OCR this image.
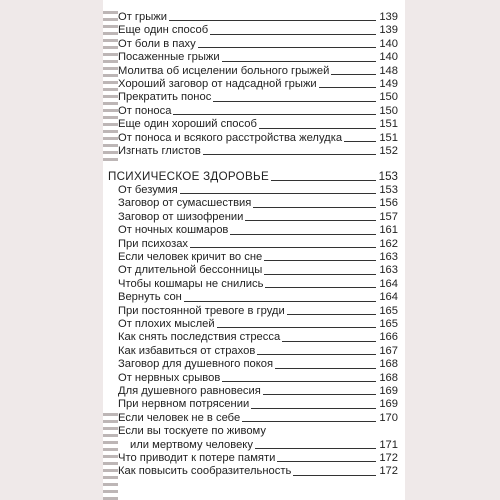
От грыжи	139
Еще один способ	139
От боли в паху	140
Посаженные грыжи	140
Молитва об исцелении больного грыжей	148
Хороший заговор от надсадной грыжи	149
Прекратить понос	150
От поноса	150
Еще один хороший способ	151
От поноса и всякого расстройства желудка	151
Изгнать глистов	152
ПСИХИЧЕСКОЕ ЗДОРОВЬЕ	153
От безумия	153
Заговор от сумасшествия	156
Заговор от шизофрении	157
От ночных кошмаров	161
При психозах	162
Если человек кричит во сне	163
От длительной бессонницы	163
Чтобы кошмары не снились	164
Вернуть сон	164
При постоянной тревоге в груди	165
От плохих мыслей	165
Как снять последствия стресса	166
Как избавиться от страхов	167
Заговор для душевного покоя	168
От нервных срывов	168
Для душевного равновесия	169
При нервном потрясении	169
Если человек не в себе	170
Если вы тоскуете по живому
или мертвому человеку	171
Что приводит к потере памяти	172
Как повысить сообразительность	172
